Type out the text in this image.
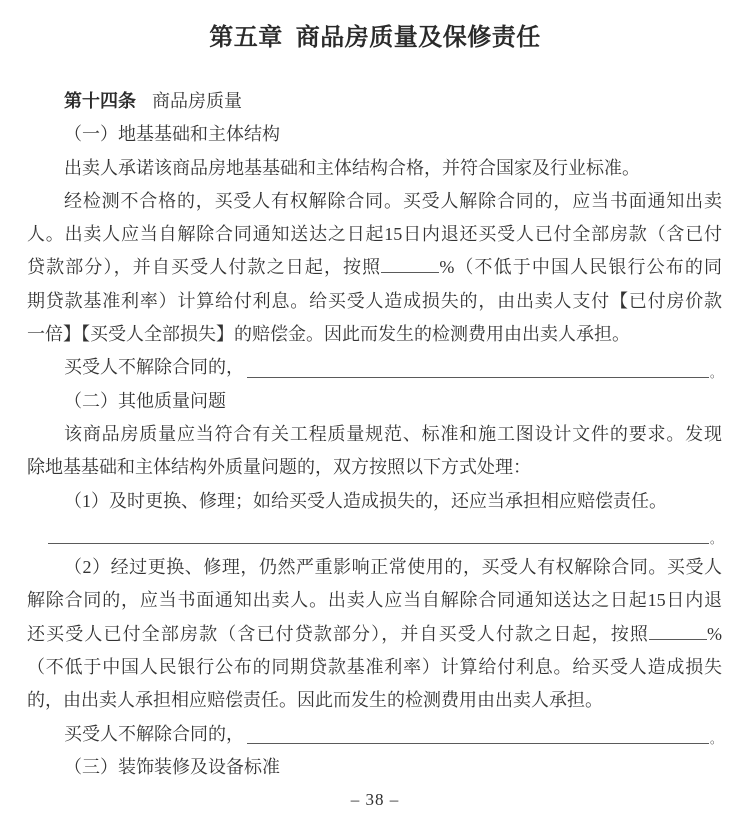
第五章 商品房质量及保修责任
第十四条 商品房质量
（一）地基基础和主体结构
出卖人承诺该商品房地基基础和主体结构合格，并符合国家及行业标准。
经检测不合格的，买受人有权解除合同。买受人解除合同的，应当书面通知出卖
人。出卖人应当自解除合同通知送达之日起15日内退还买受人已付全部房款（含已付
贷款部分），并自买受人付款之日起，按照	%（不低于中国人民银行公布的同
期贷款基准利率）计算给付利息。给买受人造成损失的，由出卖人支付【已付房价款
一倍】【买受人全部损失】的赔偿金。因此而发生的检测费用由出卖人承担。
买受人不解除合同的，	。
（二）其他质量问题
该商品房质量应当符合有关工程质量规范、标准和施工图设计文件的要求。发现
除地基基础和主体结构外质量问题的，双方按照以下方式处理：
（1）及时更换、修理；如给买受人造成损失的，还应当承担相应赔偿责任。
。
（2）经过更换、修理，仍然严重影响正常使用的，买受人有权解除合同。买受人
解除合同的，应当书面通知出卖人。出卖人应当自解除合同通知送达之日起15日内退
还买受人已付全部房款（含已付贷款部分），并自买受人付款之日起，按照	%
（不低于中国人民银行公布的同期贷款基准利率）计算给付利息。给买受人造成损失
的，由出卖人承担相应赔偿责任。因此而发生的检测费用由出卖人承担。
买受人不解除合同的，	。
（三）装饰装修及设备标准
– 38 –
